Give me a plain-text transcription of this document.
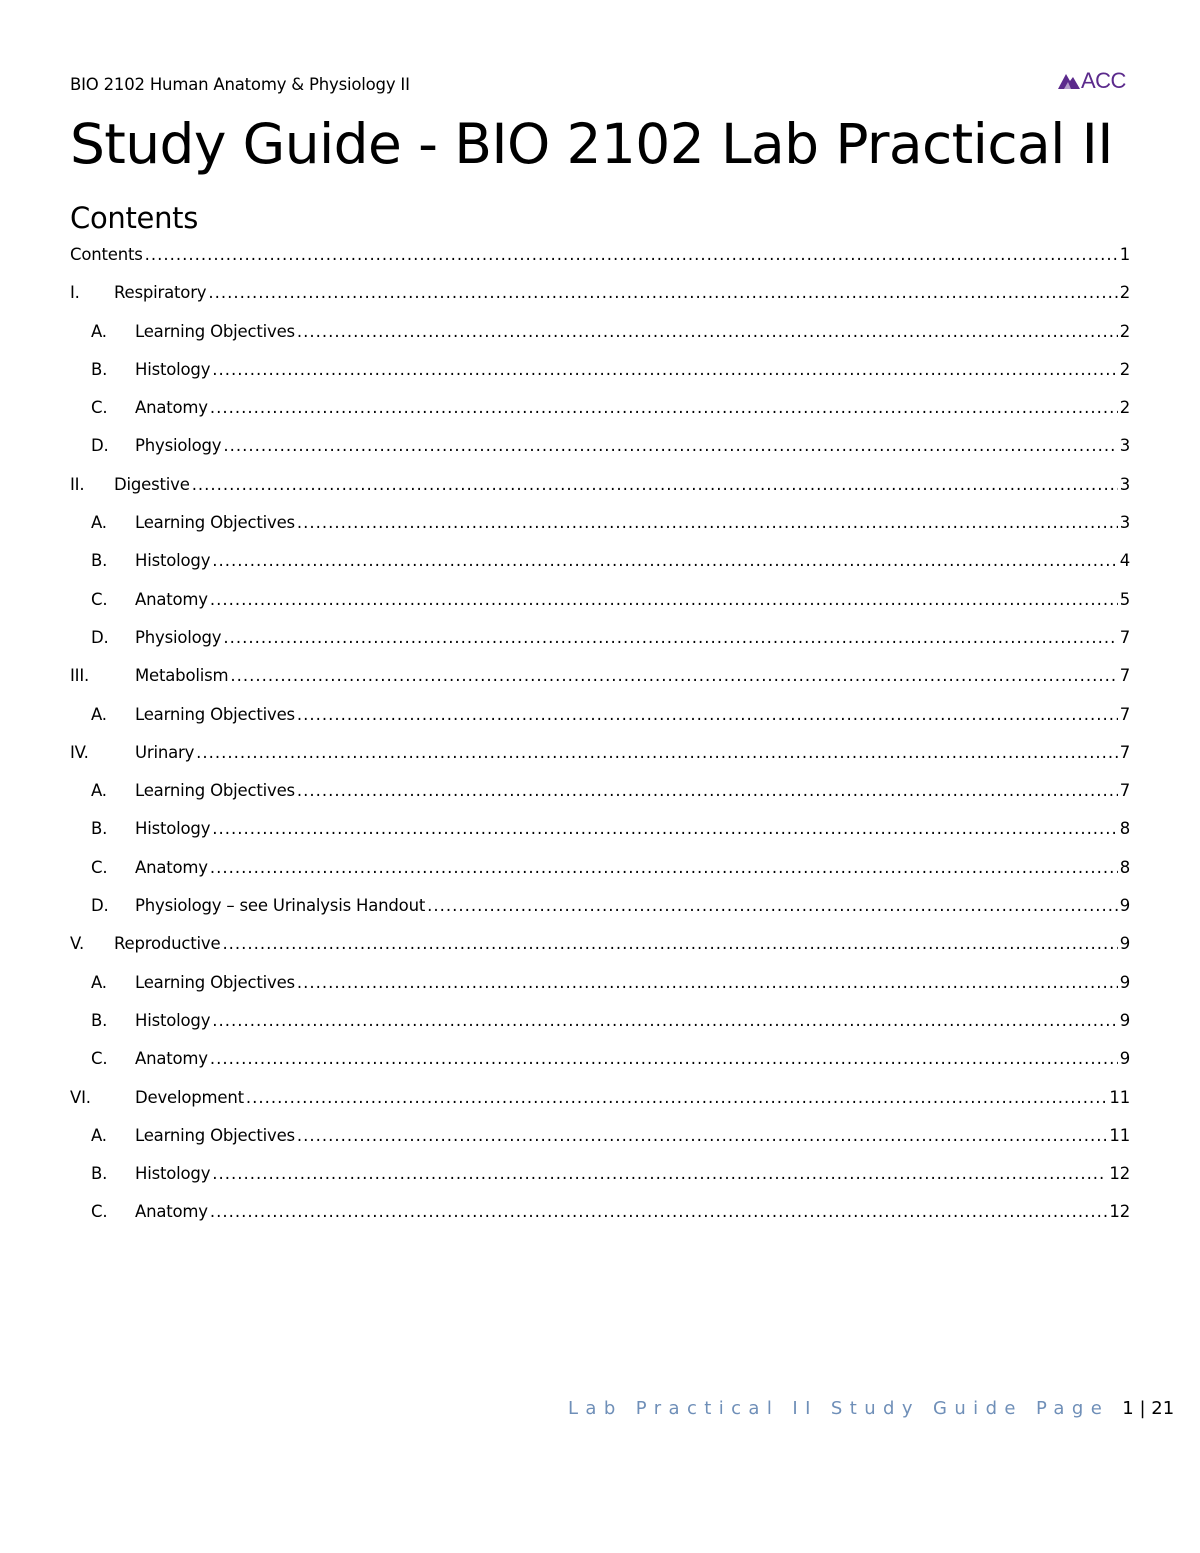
BIO 2102 Human Anatomy & Physiology II	ACC
Study Guide - BIO 2102 Lab Practical II
Contents
Contents .....	1
I.	Respiratory .....	2
A.	Learning Objectives .....	2
B.	Histology .....	2
C.	Anatomy .....	2
D.	Physiology .....	3
II.	Digestive .....	3
A.	Learning Objectives .....	3
B.	Histology .....	4
C.	Anatomy .....	5
D.	Physiology .....	7
III.	Metabolism .....	7
A.	Learning Objectives .....	7
IV.	Urinary .....	7
A.	Learning Objectives .....	7
B.	Histology .....	8
C.	Anatomy .....	8
D.	Physiology – see Urinalysis Handout .....	9
V.	Reproductive .....	9
A.	Learning Objectives .....	9
B.	Histology .....	9
C.	Anatomy .....	9
VI.	Development .....	11
A.	Learning Objectives .....	11
B.	Histology .....	12
C.	Anatomy .....	12
Lab Practical II Study Guide Page 1 | 21
